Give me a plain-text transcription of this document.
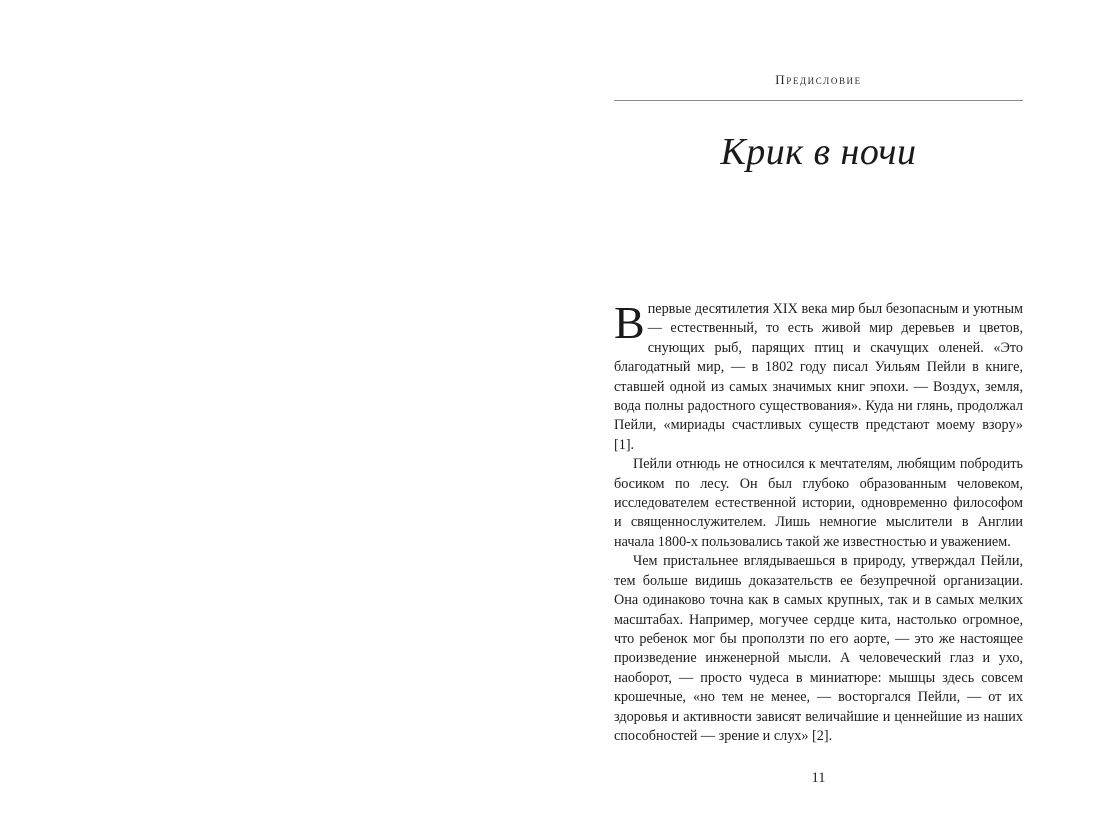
Предисловие
Крик в ночи

Впервые десятилетия XIX века мир был безопасным и уютным — естественный, то есть живой мир деревьев и цветов, снующих рыб, парящих птиц и скачущих оленей. «Это благодатный мир, — в 1802 году писал Уильям Пейли в книге, ставшей одной из самых значимых книг эпохи. — Воздух, земля, вода полны радостного существования». Куда ни глянь, продолжал Пейли, «мириады счастливых существ предстают моему взору» [1].

Пейли отнюдь не относился к мечтателям, любящим побродить босиком по лесу. Он был глубоко образованным человеком, исследователем естественной истории, одновременно философом и священнослужителем. Лишь немногие мыслители в Англии начала 1800-х пользовались такой же известностью и уважением.

Чем пристальнее вглядываешься в природу, утверждал Пейли, тем больше видишь доказательств ее безупречной организации. Она одинаково точна как в самых крупных, так и в самых мелких масштабах. Например, могучее сердце кита, настолько огромное, что ребенок мог бы проползти по его аорте, — это же настоящее произведение инженерной мысли. А человеческий глаз и ухо, наоборот, — просто чудеса в миниатюре: мышцы здесь совсем крошечные, «но тем не менее, — восторгался Пейли, — от их здоровья и активности зависят величайшие и ценнейшие из наших способностей — зрение и слух» [2].

11
